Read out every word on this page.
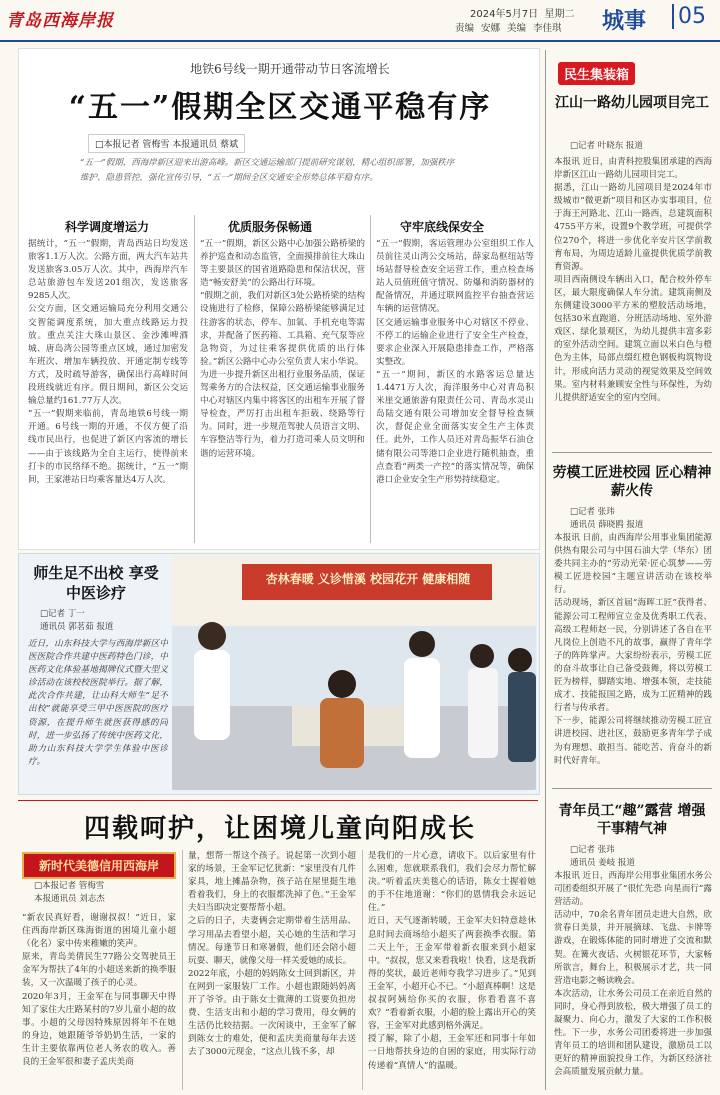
青岛西海岸报	2024年5月7日 星期二
责编 安娜 美编 李佳琪 城事 05
地铁6号线一期开通带动节日客流增长
“五一”假期全区交通平稳有序
□本报记者 管梅雪 本报通讯员 蔡斌
“五一”假期，西海岸新区迎来出游高峰。新区交通运输部门提前研究谋划，精心组织部署，加强秩序维护、隐患管控，强化宣传引导，“五一”期间全区交通安全形势总体平稳有序。
科学调度增运力
据统计，“五一”假期，青岛西站日均发送旅客1.1万人次。公路方面，两大汽车站共发送旅客3.05万人次。其中，西海岸汽车总站旅游包车发送201组次，发送旅客9285人次。
公交方面，区交通运输局充分利用交通公交智能调度系统，加大重点线路运力投放。重点关注大珠山景区、金沙滩啤酒城、唐岛湾公园等重点区域，通过加密发车班次、增加车辆投放、开通定制专线等方式，及时疏导游客，确保出行高峰时间段班线就近有序。假日期间，新区公交运输总量约161.77万人次。
“五一”假期来临前，青岛地铁6号线一期开通。6号线一期的开通，不仅方便了沿线市民出行，也促进了新区内客流的增长——由于该线路为全自主运行，使得前来打卡的市民络绎不绝。据统计，“五一”期间，王家港站日均乘客量达4万人次。
优质服务保畅通
“五一”假期，新区公路中心加强公路桥梁的养护巡查和动态监管，全面摸排前往大珠山等主要景区的国省道路隐患和保洁状况，营造“畅安舒美”的公路出行环境。
“假期之前，我们对新区3处公路桥梁的结构设施进行了检修，保障公路桥梁能够满足过往游客的状态，停车、加氧、手机充电等需求，并配备了医药箱、工具箱、充气泵等应急物资，为过往乘客提供优质的出行体验。”新区公路中心办公室负责人宋小华说。
为进一步提升新区出租行业服务品质，保证驾乘务方的合法权益，区交通运输事业服务中心对辖区内集中将客区的出租车开展了督导检查，严厉打击出租车拒载、绕路等行为。同时，进一步规范驾驶人员语言文明、车容整洁等行为，着力打造司乘人员文明和谐的运营环境。
守牢底线保安全
“五一”假期，客运管理办公室组织工作人员前往灵山湾公交场站，薛家岛枢纽站等场站督导检查安全运营工作，重点检查场站人员值班值守情况、防爆和消防器材的配备情况，并通过联网监控平台抽查营运车辆的运营情况。
区交通运输事业服务中心对辖区不停业、不停工的运输企业进行了安全生产检查，要求企业深入开展隐患排查工作，严格落实整改。
“五一”期间，新区的水路客运总量达1.4471万人次，海洋服务中心对青岛积米崖交通旅游有限责任公司、青岛水灵山岛陆交通有限公司增加安全督导检查频次，督促企业全面落实安全生产主体责任。此外，工作人员还对青岛振华石油仓储有限公司等港口企业进行随机抽查，重点查看“两类一产控”的落实情况等，确保港口企业安全生产形势持续稳定。
民生集装箱
江山一路幼儿园项目完工
□记者 叶晓东 报道
本报讯 近日，由青科控股集团承建的西海岸新区江山一路幼儿园项目完工。
据悉，江山一路幼儿园项目是2024年市级城市“微更新”项目和区办实事项目，位于海王河路北、江山一路西，总建筑面积4755平方米，设置9个教学班，可提供学位270个，将进一步优化辛安片区学前教育布局，为周边适龄儿童提供优质学前教育资源。
项目西南侧设车辆出入口，配合校外停车区，最大限度确保人车分流。建筑南侧及东侧建设3000平方米的塑胶活动场地，包括30米直跑道、分班活动场地、室外游戏区、绿化景观区，为幼儿提供丰富多彩的室外活动空间。建筑立面以米白色与橙色为主体，局部点缀红橙色钢板构筑物设计，形成向活力灵动的视觉效果及空间效果。室内材料兼顾安全性与环保性，为幼儿提供舒适安全的室内空间。
劳模工匠进校园 匠心精神薪火传
□记者 张玮
通讯员 薛晓鸥 报道
本报讯 日前，由西海岸公用事业集团能源供热有限公司与中国石油大学（华东）团委共同主办的“劳动光荣·匠心筑梦——劳模工匠进校园”主题宣讲活动在该校举行。
活动现场，新区首届“海晖工匠”获得者、能源公司工程师宣立金及优秀职工代表、高级工程师赵一民，分别讲述了各自在平凡岗位上创造不凡的故事，赢得了青年学子的阵阵掌声。大家纷纷表示，劳模工匠的奋斗故事让自己备受鼓舞，将以劳模工匠为榜样，脚踏实地、增强本领，走技能成才、技能报国之路，成为工匠精神的践行者与传承者。
下一步，能源公司将继续推动劳模工匠宣讲进校园、进社区，鼓励更多青年学子成为有理想、敢担当、能吃苦、肯奋斗的新时代好青年。
青年员工“趣”露营 增强干事精气神
□记者 张玮
通讯员 姜岐 报道
本报讯 近日，西海岸公用事业集团水务公司团委组织开展了“很忙先恐 向星而行”露营活动。
活动中，70余名青年团员走进大自然，欣赏春日美景，并开展摘球、飞盘、卡牌等游戏，在锻炼体能的同时增进了交流和默契。在篝火夜话、火树银花环节，大家畅所欲言，舞台上，积极展示才艺，共一同营造电影之畅读晚会。
本次活动，让水务公司员工在亲近自然的同时，身心得到放松，极大增强了员工的凝聚力、向心力，激发了大家的工作积极性。下一步，水务公司团委将进一步加强青年员工的培训和团队建设，激励员工以更好的精神面貌投身工作，为新区经济社会高质量发展贡献力量。
师生足不出校 享受中医诊疗
□记者 丁一
通讯员 郭茗茹 报道
近日，山东科技大学与西海岸新区中医医院合作共建中医药特色门诊，中医药文化体验基地揭牌仪式暨大型义诊活动在该校校医院举行。据了解，此次合作共建，让山科大师生“足不出校”就能享受三甲中医医院的医疗资源，在提升师生就医获得感的同时，进一步弘扬了传统中医药文化，助力山东科技大学学生体验中医诊疗。
杏林春暖 义诊惜溪 校园花开 健康相随
四载呵护，让困境儿童向阳成长
新时代美德信用西海岸
□本报记者 管梅雪
本报通讯员 刘志杰
“新农民真好看，谢谢叔叔！”近日，家住西海岸新区珠海街道的困境儿童小超（化名）家中传来稚嫩的笑声。
原来，青岛美倩民生77路公交驾驶员王金军为帮扶了4年的小超送来新的换季服装，又一次温暖了孩子的心灵。
2020年3月，王金军在与同事聊天中得知了家住大庄路某村的7岁儿童小超的故事。小超的父母因特殊原因将年不在她的身边，她跟随爷爷奶奶生活，一家的生计主要依靠两位老人务农的收入。善良的王金军很和妻子孟庆美商
量，想帮一帮这个孩子。说起第一次到小超家的场景，王金军记忆犹新：“家里没有几件家具，地上摊晶杂物，孩子站在屋里挺生地看着我们，身上的衣服都洗掉了色。”王金军夫妇当即决定要帮帮小超。
之后的日子，夫妻俩会定期带着生活用品、学习用品去看望小超，关心她的生活和学习情况。每逢节日和寒暑假，他们还会陪小超玩耍、聊天，就像父母一样关爱她的成长。
2022年底，小超的妈妈陈女士回到新区，并在网到一家服装厂工作。小超也跟随妈妈离开了爷爷。由于陈女士微薄的工资要负担房费、生活支出和小超的学习费用，母女俩的生活仍比较拮据。一次闲谈中，王金军了解到陈女士的难处，便和孟庆美商量每年去送去了3000元现金，“这点儿钱不多，却
是我们的一片心意，请收下。以后家里有什么困难，您就联系我们，我们会尽力帮忙解决。”听着孟庆美毯心的话语，陈女士握着她的手不住地道谢：“你们的恩情我会永远记住。”
近日，天气逐渐转暖，王金军夫妇特意趁休息时间去商场给小超买了两套换季衣服。第二天上午，王金军带着新衣服来到小超家中。“叔叔，您又来看我啦！快看，这是我新得的奖状，最近老师夸我学习进步了。”见到王金军，小超开心不已。“小超真棒啊！这是叔叔阿姨给你买的衣服，你看看喜不喜欢？”看着新衣服，小超的脸上露出开心的笑容，王金军对此感到格外满足。
授了解，除了小超，王金军还和同事十年如一日地帮扶身边的自困的家庭，用实际行动传递着“真情人”的温暖。
